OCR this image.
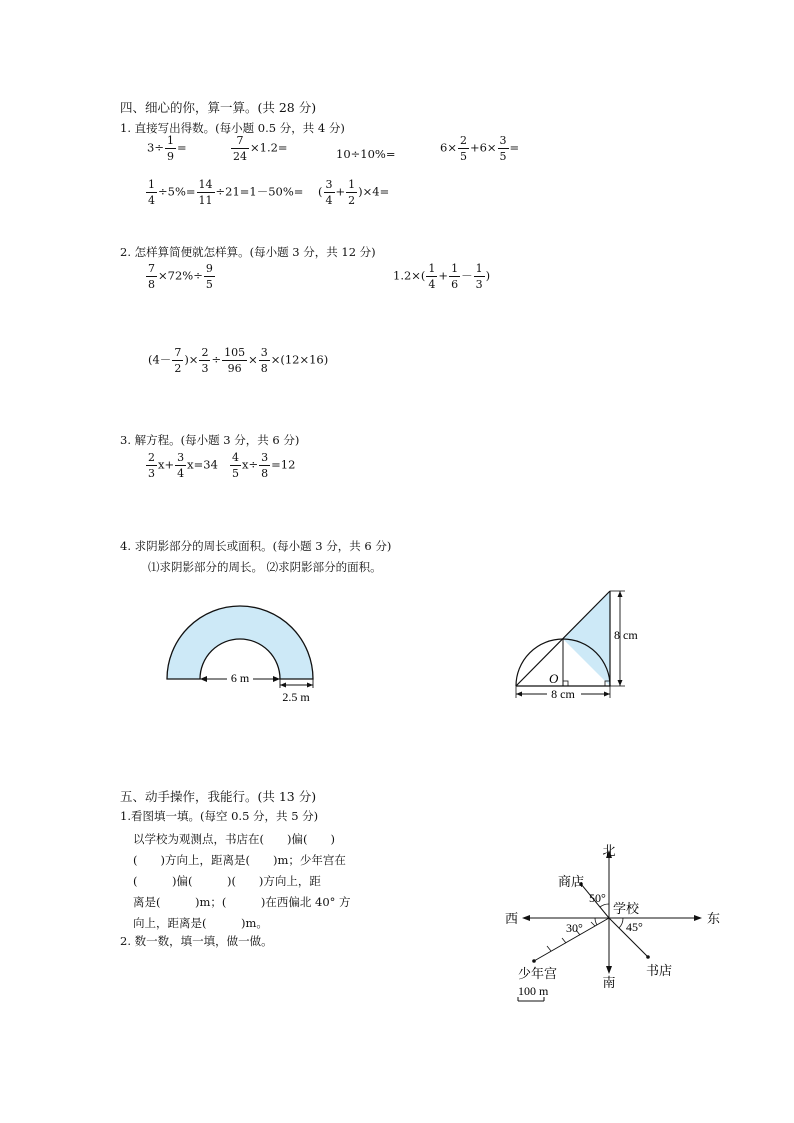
四、细心的你，算一算。(共 28 分)
1. 直接写出得数。(每小题 0.5 分，共 4 分)
$3\div \frac{1}{9}$ =	$\frac{7}{24} \times 1.2=$	10÷10%=	$6\times \frac{2}{5} +6\times \frac{3}{5}$ =
$\frac{1}{4} \div 5\%= \frac{14}{11} \div 21=1-50\%=$ ( $\frac{3}{4} + \frac{1}{2} )\times 4=$
2. 怎样算简便就怎样算。(每小题 3 分，共 12 分)
$\frac{7}{8} \times 72\%\div \frac{9}{5}$	$1.2\times( \frac{1}{4} + \frac{1}{6} - \frac{1}{3}$ )
($4- \frac{7}{2}$ )× $\frac{2}{3} \div \frac{105}{96} \times \frac{3}{8} \times(12\times 16)$
3. 解方程。(每小题 3 分，共 6 分)
$\frac{2}{3} x+ \frac{3}{4} x=34 \frac{4}{5} x\div \frac{3}{8} =12$
4. 求阴影部分的周长或面积。(每小题 3 分，共 6 分)
⑴求阴影部分的周长。 ⑵求阴影部分的面积。
6 m
2.5 m
O
8 cm
8 cm
五、动手操作，我能行。(共 13 分)
1.看图填一填。(每空 0.5 分，共 5 分)
以学校为观测点，书店在(　　)偏(　　)
(　　)方向上，距离是(　　)m；少年宫在
(　　　)偏(　　　)(　　)方向上，距
离是(　　　)m；(　　　)在西偏北 40° 方
向上，距离是(　　　)m。
2. 数一数，填一填，做一做。
北
南
西	东
商店
书店
少年宫
50°
30°	45°
学校
100 m
